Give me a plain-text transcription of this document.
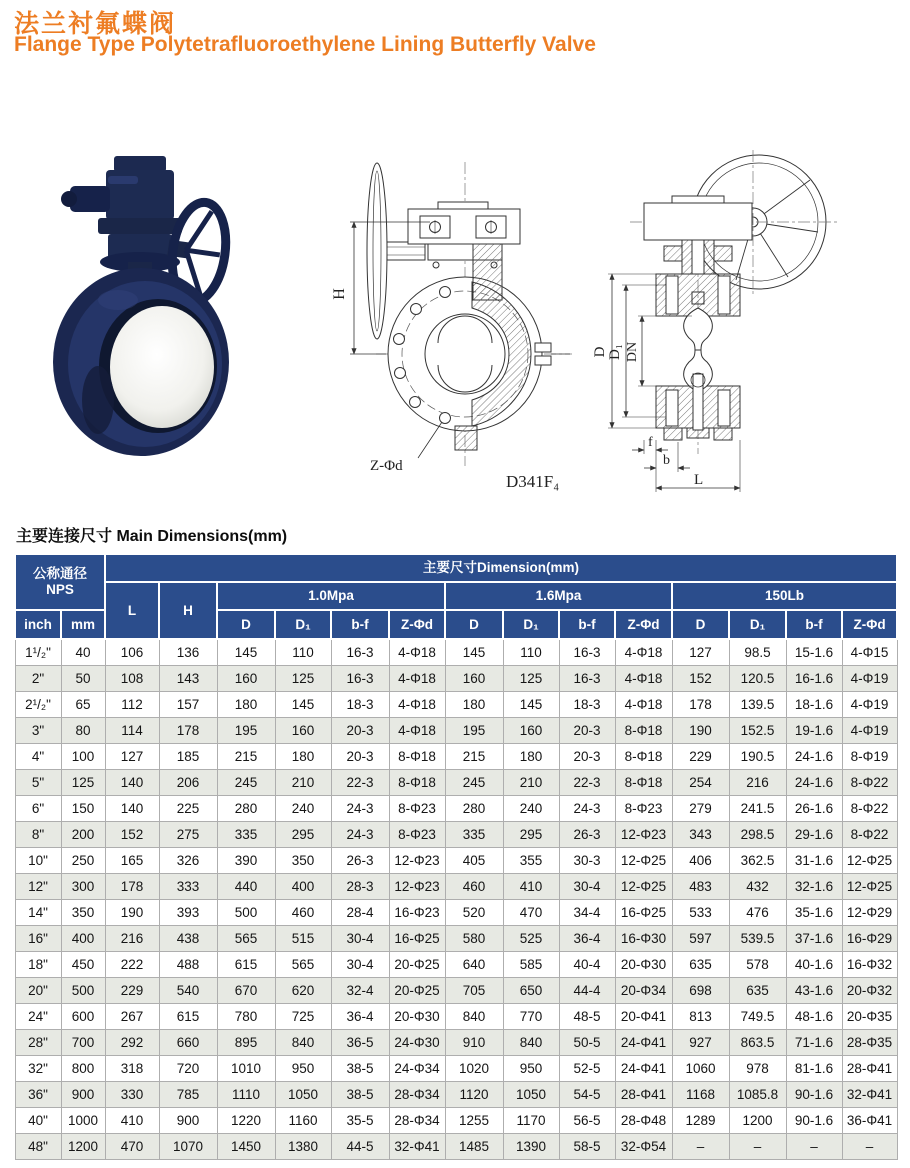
法兰衬氟蝶阀
Flange Type Polytetrafluoroethylene Lining Butterfly Valve
H
Z-Φd
D D₁ DN
f
b
L
D341F₄
主要连接尺寸 Main Dimensions(mm)
公称通径
NPS		主要尺寸Dimension(mm)													
		L	H	1.0Mpa				1.6Mpa				150Lb			
inch	mm			D	D₁	b-f	Z-Φd	D	D₁	b-f	Z-Φd	D	D₁	b-f	Z-Φd
1¹/₂"	40	106	136	145	110	16-3	4-Φ18	145	110	16-3	4-Φ18	127	98.5	15-1.6	4-Φ15
2"	50	108	143	160	125	16-3	4-Φ18	160	125	16-3	4-Φ18	152	120.5	16-1.6	4-Φ19
2¹/₂"	65	112	157	180	145	18-3	4-Φ18	180	145	18-3	4-Φ18	178	139.5	18-1.6	4-Φ19
3"	80	114	178	195	160	20-3	4-Φ18	195	160	20-3	8-Φ18	190	152.5	19-1.6	4-Φ19
4"	100	127	185	215	180	20-3	8-Φ18	215	180	20-3	8-Φ18	229	190.5	24-1.6	8-Φ19
5"	125	140	206	245	210	22-3	8-Φ18	245	210	22-3	8-Φ18	254	216	24-1.6	8-Φ22
6"	150	140	225	280	240	24-3	8-Φ23	280	240	24-3	8-Φ23	279	241.5	26-1.6	8-Φ22
8"	200	152	275	335	295	24-3	8-Φ23	335	295	26-3	12-Φ23	343	298.5	29-1.6	8-Φ22
10"	250	165	326	390	350	26-3	12-Φ23	405	355	30-3	12-Φ25	406	362.5	31-1.6	12-Φ25
12"	300	178	333	440	400	28-3	12-Φ23	460	410	30-4	12-Φ25	483	432	32-1.6	12-Φ25
14"	350	190	393	500	460	28-4	16-Φ23	520	470	34-4	16-Φ25	533	476	35-1.6	12-Φ29
16"	400	216	438	565	515	30-4	16-Φ25	580	525	36-4	16-Φ30	597	539.5	37-1.6	16-Φ29
18"	450	222	488	615	565	30-4	20-Φ25	640	585	40-4	20-Φ30	635	578	40-1.6	16-Φ32
20"	500	229	540	670	620	32-4	20-Φ25	705	650	44-4	20-Φ34	698	635	43-1.6	20-Φ32
24"	600	267	615	780	725	36-4	20-Φ30	840	770	48-5	20-Φ41	813	749.5	48-1.6	20-Φ35
28"	700	292	660	895	840	36-5	24-Φ30	910	840	50-5	24-Φ41	927	863.5	71-1.6	28-Φ35
32"	800	318	720	1010	950	38-5	24-Φ34	1020	950	52-5	24-Φ41	1060	978	81-1.6	28-Φ41
36"	900	330	785	1110	1050	38-5	28-Φ34	1120	1050	54-5	28-Φ41	1168	1085.8	90-1.6	32-Φ41
40"	1000	410	900	1220	1160	35-5	28-Φ34	1255	1170	56-5	28-Φ48	1289	1200	90-1.6	36-Φ41
48"	1200	470	1070	1450	1380	44-5	32-Φ41	1485	1390	58-5	32-Φ54	–	–	–	–
